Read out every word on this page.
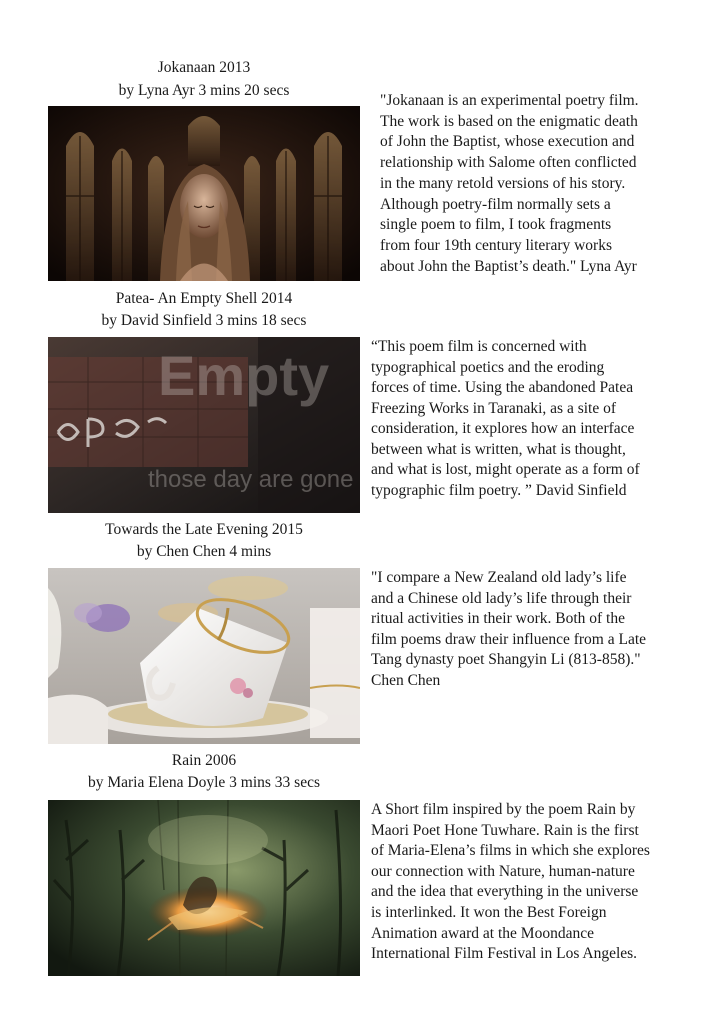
Jokanaan 2013
by Lyna Ayr 3 mins 20 secs

"Jokanaan is an experimental poetry film.
The work is based on the enigmatic death
of John the Baptist, whose execution and
relationship with Salome often conflicted
in the many retold versions of his story.
Although poetry-film normally sets a
single poem to film, I took fragments
from four 19th century literary works
about John the Baptist’s death." Lyna Ayr

Patea- An Empty Shell 2014
by David Sinfield 3 mins 18 secs
Empty
those day are gone

“This poem film is concerned with
typographical poetics and the eroding
forces of time. Using the abandoned Patea
Freezing Works in Taranaki, as a site of
consideration, it explores how an interface
between what is written, what is thought,
and what is lost, might operate as a form of
typographic film poetry. ” David Sinfield

Towards the Late Evening 2015
by Chen Chen 4 mins

"I compare a New Zealand old lady’s life
and a Chinese old lady’s life through their
ritual activities in their work. Both of the
film poems draw their influence from a Late
Tang dynasty poet Shangyin Li (813-858)."
Chen Chen

Rain 2006
by Maria Elena Doyle 3 mins 33 secs

A Short film inspired by the poem Rain by
Maori Poet Hone Tuwhare. Rain is the first
of Maria-Elena’s films in which she explores
our connection with Nature, human-nature
and the idea that everything in the universe
is interlinked. It won the Best Foreign
Animation award at the Moondance
International Film Festival in Los Angeles.
